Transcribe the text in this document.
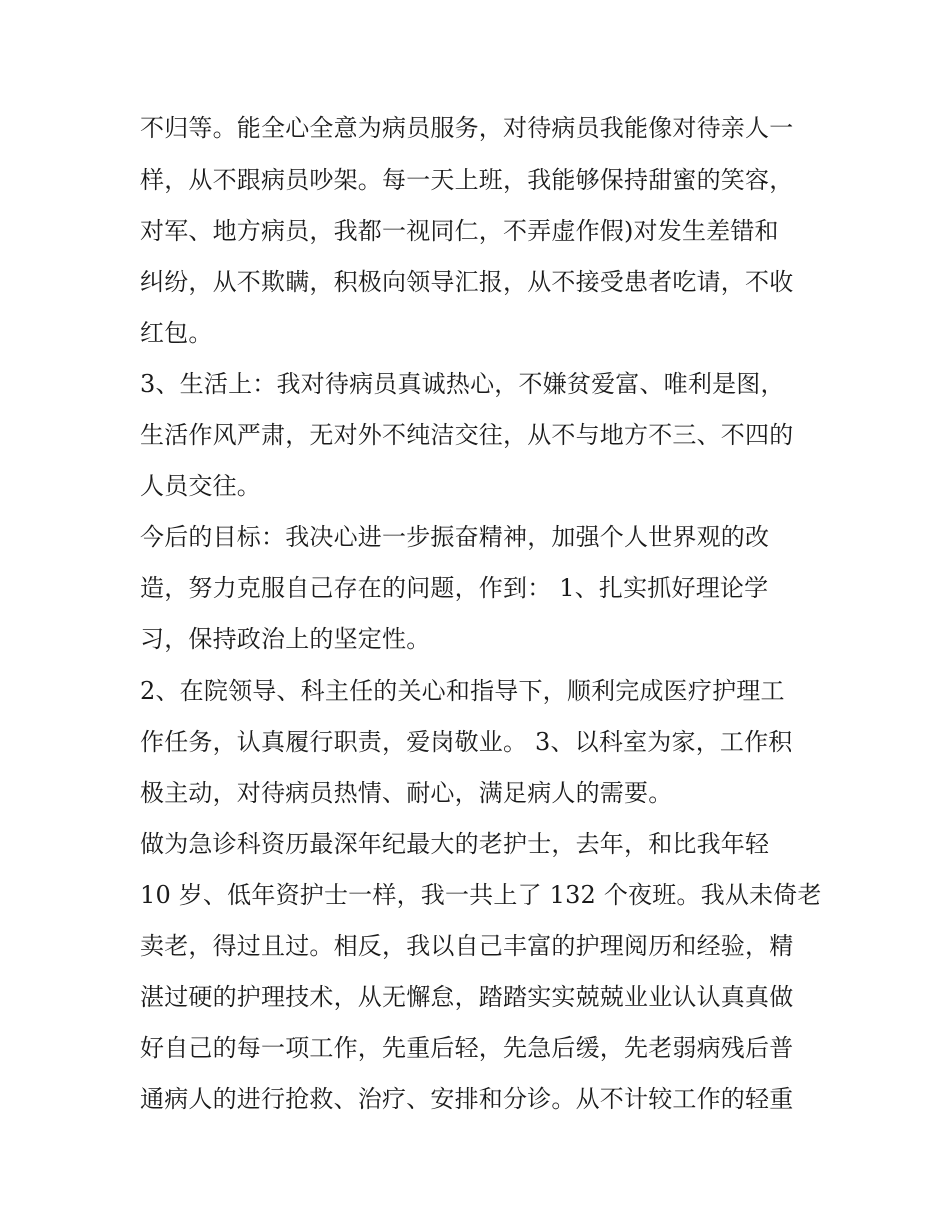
不归等。能全心全意为病员服务，对待病员我能像对待亲人一
样，从不跟病员吵架。每一天上班，我能够保持甜蜜的笑容，
对军、地方病员，我都一视同仁，不弄虚作假)对发生差错和
纠纷，从不欺瞒，积极向领导汇报，从不接受患者吃请，不收
红包。
3、生活上：我对待病员真诚热心，不嫌贫爱富、唯利是图，
生活作风严肃，无对外不纯洁交往，从不与地方不三、不四的
人员交往。
今后的目标：我决心进一步振奋精神，加强个人世界观的改
造，努力克服自己存在的问题，作到： 1、扎实抓好理论学
习，保持政治上的坚定性。
2、在院领导、科主任的关心和指导下，顺利完成医疗护理工
作任务，认真履行职责，爱岗敬业。 3、以科室为家，工作积
极主动，对待病员热情、耐心，满足病人的需要。
做为急诊科资历最深年纪最大的老护士，去年，和比我年轻
10 岁、低年资护士一样，我一共上了 132 个夜班。我从未倚老
卖老，得过且过。相反，我以自己丰富的护理阅历和经验，精
湛过硬的护理技术，从无懈怠，踏踏实实兢兢业业认认真真做
好自己的每一项工作，先重后轻，先急后缓，先老弱病残后普
通病人的进行抢救、治疗、安排和分诊。从不计较工作的轻重
